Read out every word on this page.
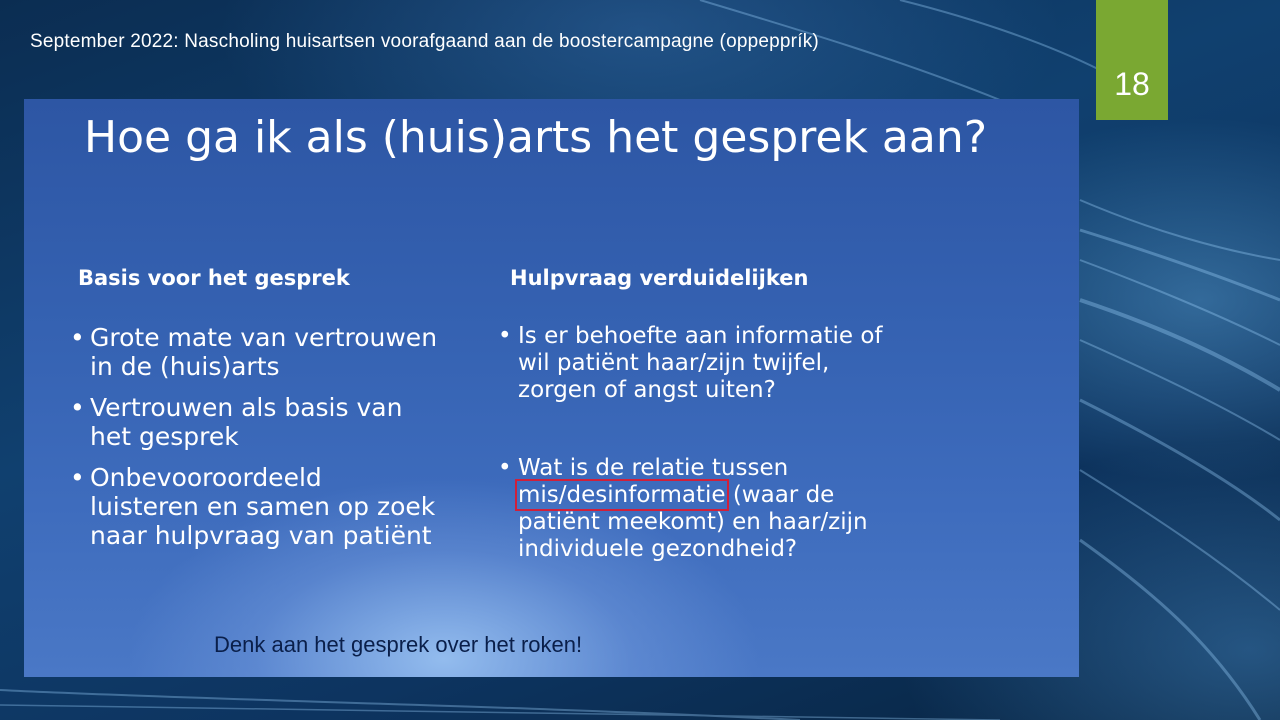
September 2022: Nascholing huisartsen voorafgaand aan de boostercampagne (oppepprík)
18
Hoe ga ik als (huis)arts het gesprek aan?
Basis voor het gesprek	Hulpvraag verduidelijken
• Grote mate van vertrouwen in de (huis)arts
• Vertrouwen als basis van het gesprek
• Onbevooroordeeld luisteren en samen op zoek naar hulpvraag van patiënt
• Is er behoefte aan informatie of wil patiënt haar/zijn twijfel, zorgen of angst uiten?
• Wat is de relatie tussen mis/desinformatie (waar de patiënt meekomt) en haar/zijn individuele gezondheid?
Denk aan het gesprek over het roken!
